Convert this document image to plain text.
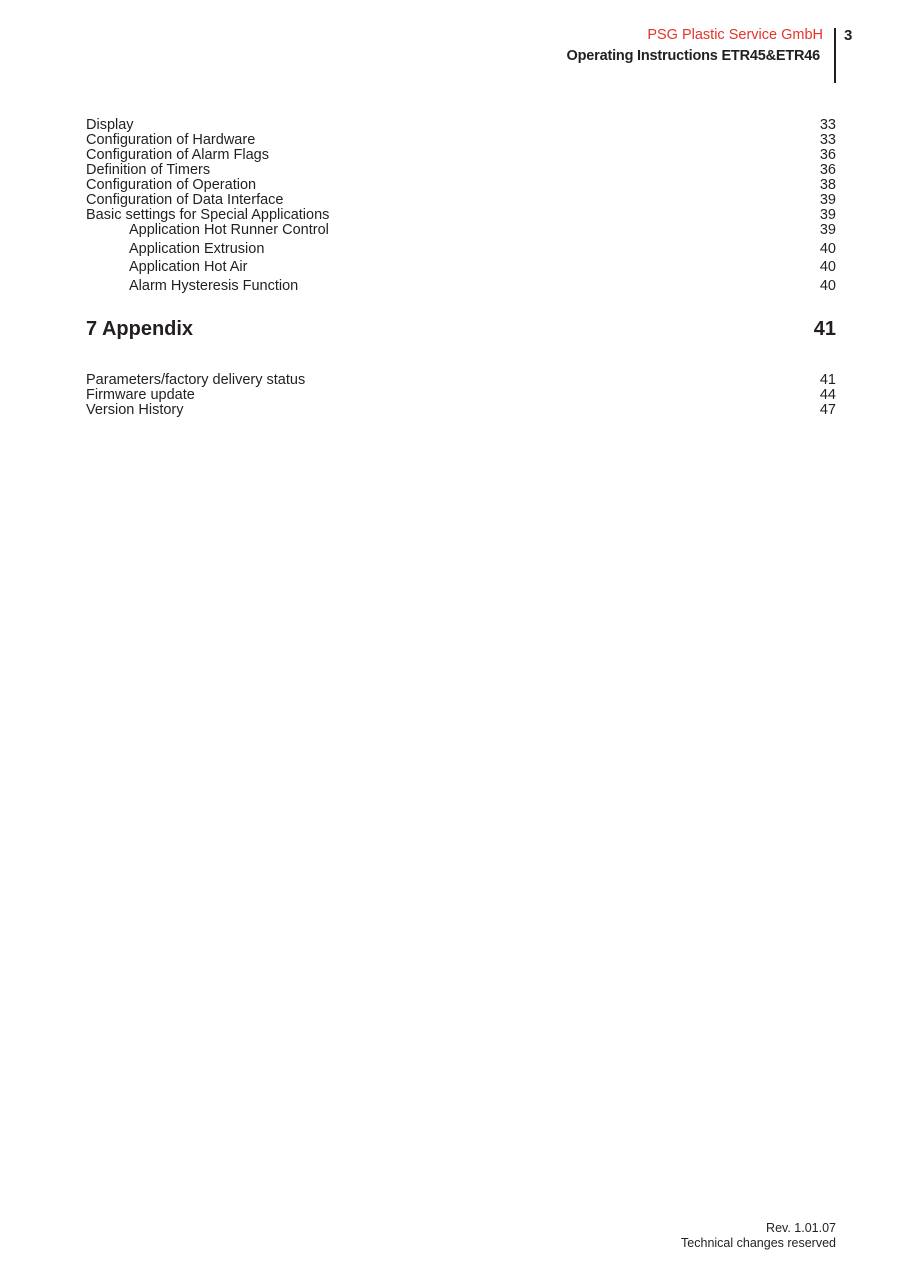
PSG Plastic Service GmbH
Operating Instructions ETR45&ETR46
3
Display	33
Configuration of Hardware	33
Configuration of Alarm Flags	36
Definition of Timers	36
Configuration of Operation	38
Configuration of Data Interface	39
Basic settings for Special Applications	39
Application Hot Runner Control	39
Application Extrusion	40
Application Hot Air	40
Alarm Hysteresis Function	40
7 Appendix	41
Parameters/factory delivery status	41
Firmware update	44
Version History	47
Rev. 1.01.07
Technical changes reserved
